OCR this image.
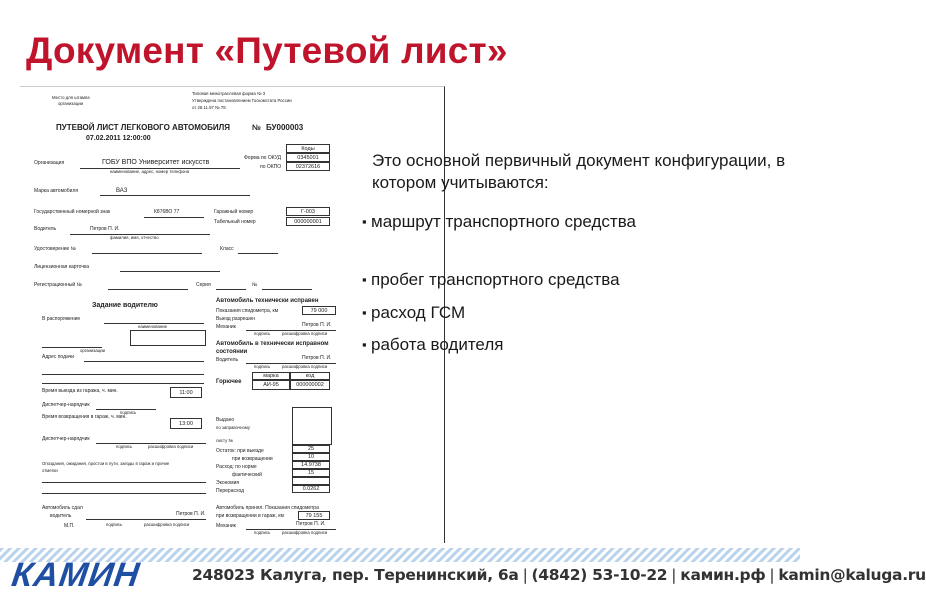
Документ «Путевой лист»
Место для штампа
организации
Типовая межотраслевая форма № 3
Утверждена постановлением Госкомстата России
от 28.11.97 № 78
ПУТЕВОЙ ЛИСТ ЛЕГКОВОГО АВТОМОБИЛЯ	№ БУ000003
07.02.2011 12:00:00
Коды
Форма по ОКУД	0345001
по ОКПО	02372616
Организация	ГОБУ ВПО Университет искусств
наименование, адрес, номер телефона
Марка автомобиля	ВАЗ
Государственный номерной знак	К876ВО 77	Гаражный номер	Г-003
Водитель	Петров П. И.
фамилия, имя, отчество
Табельный номер	000000001
Удостоверение №	Класс
Лицензионная карточка
Регистрационный №	Серия	№
Задание водителю
В распоряжение
наименование
организации
Адрес подачи
Автомобиль технически исправен
Показания спидометра, км	79 000
Выезд разрешен
Механик	Петров П. И.
подпись	расшифровка подписи
Автомобиль в технически исправном состоянии
Водитель	Петров П. И.
подпись	расшифровка подписи
Горючее
марка	код
АИ-95	000000002
Время выезда из гаража, ч. мин.	11:00
Диспетчер-нарядчик
подпись
Время возвращения в гараж, ч. мин.
13:00
Диспетчер-нарядчик
подпись	расшифровка подписи
Выдано
по заправочному
листу №
Остаток: при выезде	25
при возвращении	10
Расход: по норме	14.9738
фактический	15
Экономия
Перерасход	0.0262
Опоздания, ожидания, простои в пути, заезды в гараж и прочие
отметки
Автомобиль сдал
водитель	Петров П. И.
М.П.	подпись	расшифровка подписи
Автомобиль принял. Показания спидометра
при возвращении в гараж, км	79 155
Механик	Петров П. И.
подпись	расшифровка подписи

Это основной первичный документ конфигурации, в котором учитываются:

▪ маршрут транспортного средства
▪ пробег транспортного средства
▪ расход ГСМ
▪ работа водителя
КАМИН	248023 Калуга, пер. Теренинский, 6а | (4842) 53-10-22 | камин.рф | kamin@kaluga.ru
